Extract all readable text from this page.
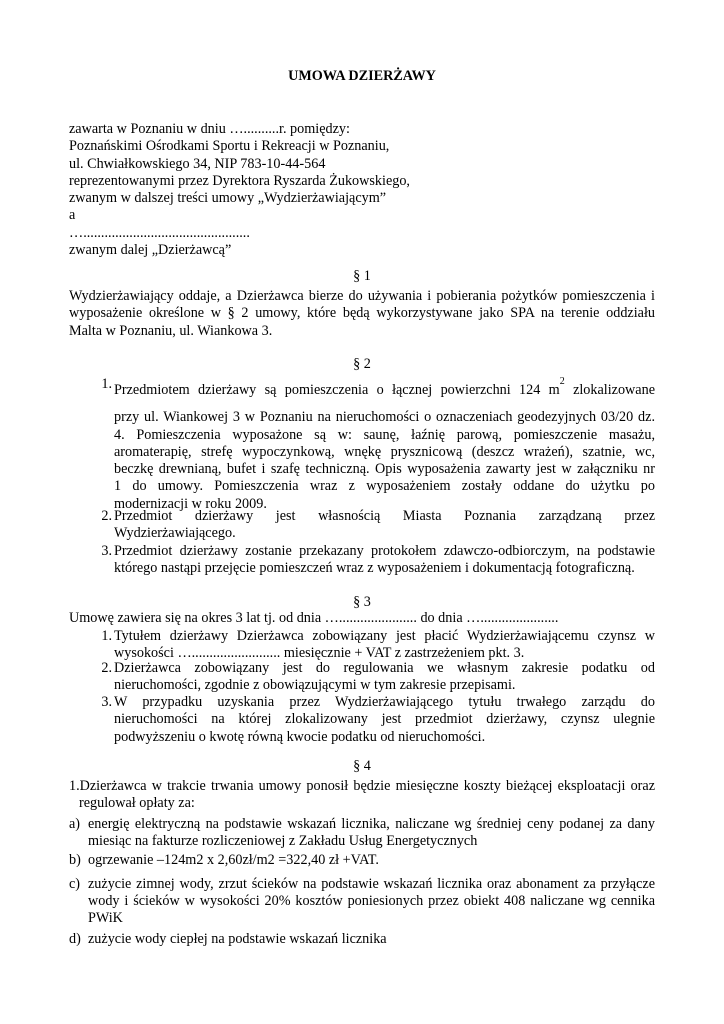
UMOWA DZIERŻAWY
zawarta w Poznaniu w dniu …..........r. pomiędzy:
Poznańskimi Ośrodkami Sportu i Rekreacji w Poznaniu,
ul. Chwiałkowskiego 34, NIP 783-10-44-564
reprezentowanymi przez Dyrektora Ryszarda Żukowskiego,
zwanym w dalszej treści umowy „Wydzierżawiającym”
a
…...............................................
zwanym dalej „Dzierżawcą”
§ 1
Wydzierżawiający oddaje, a Dzierżawca bierze do używania i pobierania pożytków pomieszczenia i
wyposażenie określone w § 2 umowy, które będą wykorzystywane jako SPA na terenie oddziału
Malta w Poznaniu, ul. Wiankowa 3.
§ 2
1. Przedmiotem dzierżawy są pomieszczenia o łącznej powierzchni 124 $m^2$ zlokalizowane
przy ul. Wiankowej 3 w Poznaniu na nieruchomości o oznaczeniach geodezyjnych 03/20 dz.
4. Pomieszczenia wyposażone są w: saunę, łaźnię parową, pomieszczenie masażu,
aromaterapię, strefę wypoczynkową, wnękę prysznicową (deszcz wrażeń), szatnie, wc,
beczkę drewnianą, bufet i szafę techniczną. Opis wyposażenia zawarty jest w załączniku nr
1 do umowy. Pomieszczenia wraz z wyposażeniem zostały oddane do użytku po
modernizacji w roku 2009.
2. Przedmiot dzierżawy jest własnością Miasta Poznania zarządzaną przez
Wydzierżawiającego.
3. Przedmiot dzierżawy zostanie przekazany protokołem zdawczo-odbiorczym, na podstawie
którego nastąpi przejęcie pomieszczeń wraz z wyposażeniem i dokumentacją fotograficzną.
§ 3
Umowę zawiera się na okres 3 lat tj. od dnia …...................... do dnia …......................
1. Tytułem dzierżawy Dzierżawca zobowiązany jest płacić Wydzierżawiającemu czynsz w
wysokości …......................... miesięcznie + VAT z zastrzeżeniem pkt. 3.
2. Dzierżawca zobowiązany jest do regulowania we własnym zakresie podatku od
nieruchomości, zgodnie z obowiązującymi w tym zakresie przepisami.
3. W przypadku uzyskania przez Wydzierżawiającego tytułu trwałego zarządu do
nieruchomości na której zlokalizowany jest przedmiot dzierżawy, czynsz ulegnie
podwyższeniu o kwotę równą kwocie podatku od nieruchomości.
§ 4
1.Dzierżawca w trakcie trwania umowy ponosił będzie miesięczne koszty bieżącej eksploatacji oraz
regulował opłaty za:
a) energię elektryczną na podstawie wskazań licznika, naliczane wg średniej ceny podanej za dany
miesiąc na fakturze rozliczeniowej z Zakładu Usług Energetycznych
b) ogrzewanie –124m2 x 2,60zł/m2 =322,40 zł +VAT.
c) zużycie zimnej wody, zrzut ścieków na podstawie wskazań licznika oraz abonament za przyłącze
wody i ścieków w wysokości 20% kosztów poniesionych przez obiekt 408 naliczane wg cennika
PWiK
d) zużycie wody ciepłej na podstawie wskazań licznika
